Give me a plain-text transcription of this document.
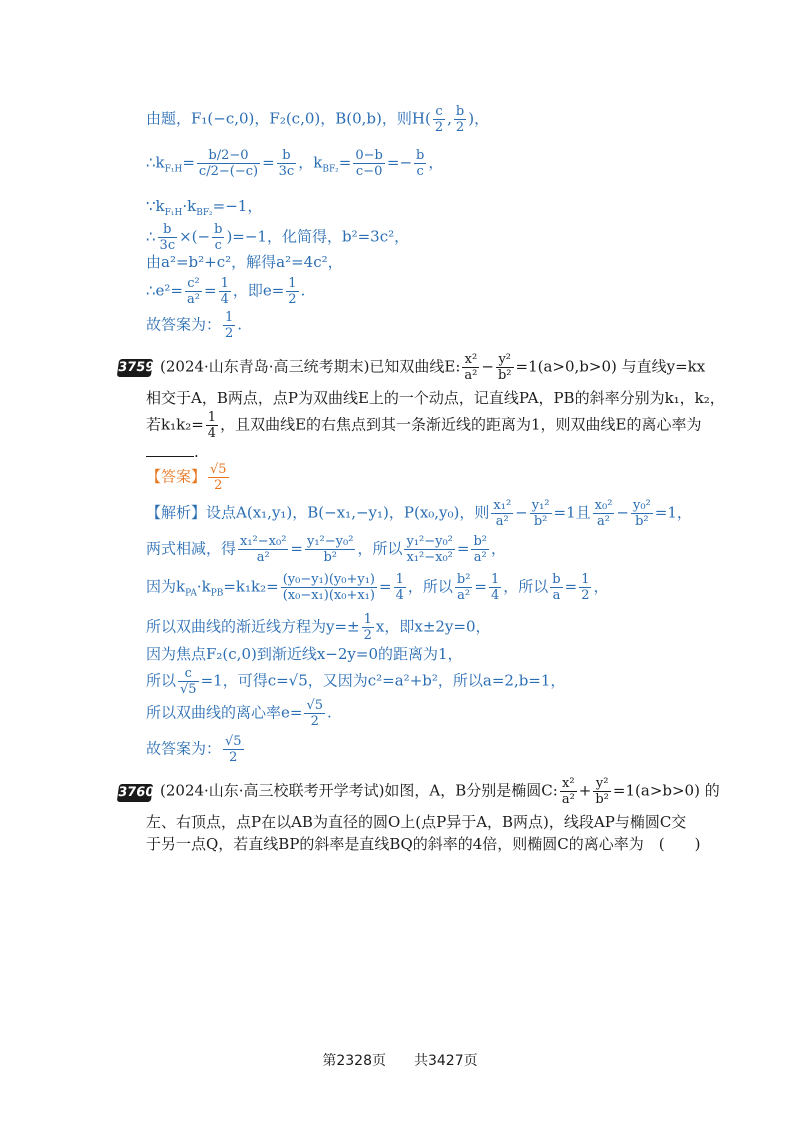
由题，F₁(−c,0)，F₂(c,0)，B(0,b)，则$H( \frac{c}{2}$ , $\frac{b}{2}$ )，
$\therefore k_{F_1H}= \frac{b/2-0}{c/2-(-c)} = \frac{b}{3c}$ ，$k_{BF_2}= \frac{0-b}{c-0} =- \frac{b}{c}$ ，
$\because k_{F_1H}\cdot k_{BF_2}=-1$，
∴ $\frac{b}{3c}$ ×(− $\frac{b}{c} )=-1$，化简得，b²=3c²，
由a²=b²+c²，解得a²=4c²，
∴e²= $\frac{\text{c²}}{\text{a²}} = \frac{1}{4}$ ，即$e= \frac{1}{2}$ .
故答案为： $\frac{1}{2}$ .
3759 (2024·山东青岛·高三统考期末)已知双曲线E: $\frac{\text{x²}}{\text{a²}} - \frac{\text{y²}}{\text{b²}} =1(a>0,b>0)$ 与直线y=kx
相交于A，B两点，点P为双曲线E上的一个动点，记直线PA，PB的斜率分别为k₁，k₂，
若$k_1k_2= \frac{1}{4}$ ，且双曲线E的右焦点到其一条渐近线的距离为1，则双曲线E的离心率为
.
【答案】 $\frac{√5}{2}$
【解析】设点A(x₁,y₁)，B(−x₁,−y₁)，P(x₀,y₀)，则 $\frac{\text{x₁²}}{\text{a²}} - \frac{\text{y₁²}}{\text{b²}} =1$且 $\frac{\text{x₀²}}{\text{a²}} - \frac{\text{y₀²}}{\text{b²}} =1$，
两式相减，得 $\frac{\text{x₁²−x₀²}}{\text{a²}} = \frac{\text{y₁²−y₀²}}{\text{b²}}$ ，所以 $\frac{\text{y₁²−y₀²}}{\text{x₁²−x₀²}} = \frac{\text{b²}}{\text{a²}}$ ，
因为$k_{PA}\cdot k_{PB}=k_1k_2= \frac{\text{(y₀−y₁)(y₀+y₁)}}{\text{(x₀−x₁)(x₀+x₁)}} = \frac{1}{4}$ ，所以 $\frac{\text{b²}}{\text{a²}} = \frac{1}{4}$ ，所以 $\frac{b}{a} = \frac{1}{2}$ ，
所以双曲线的渐近线方程为$y=\pm \frac{1}{2}$ x，即x±2y=0，
因为焦点F₂(c,0)到渐近线x−2y=0的距离为1，
所以 $\frac{c}{√5} =1$，可得c=√5，又因为c²=a²+b²，所以a=2,b=1，
所以双曲线的离心率$e= \frac{√5}{2}$ .
故答案为： $\frac{√5}{2}$
3760 (2024·山东·高三校联考开学考试)如图，A，B分别是椭圆C: $\frac{\text{x²}}{\text{a²}} + \frac{\text{y²}}{\text{b²}} =1(a>b>0)$ 的
左、右顶点，点P在以AB为直径的圆O上(点P异于A，B两点)，线段AP与椭圆C交
于另一点Q，若直线BP的斜率是直线BQ的斜率的4倍，则椭圆C的离心率为　(　　)
第2328页　　共3427页
